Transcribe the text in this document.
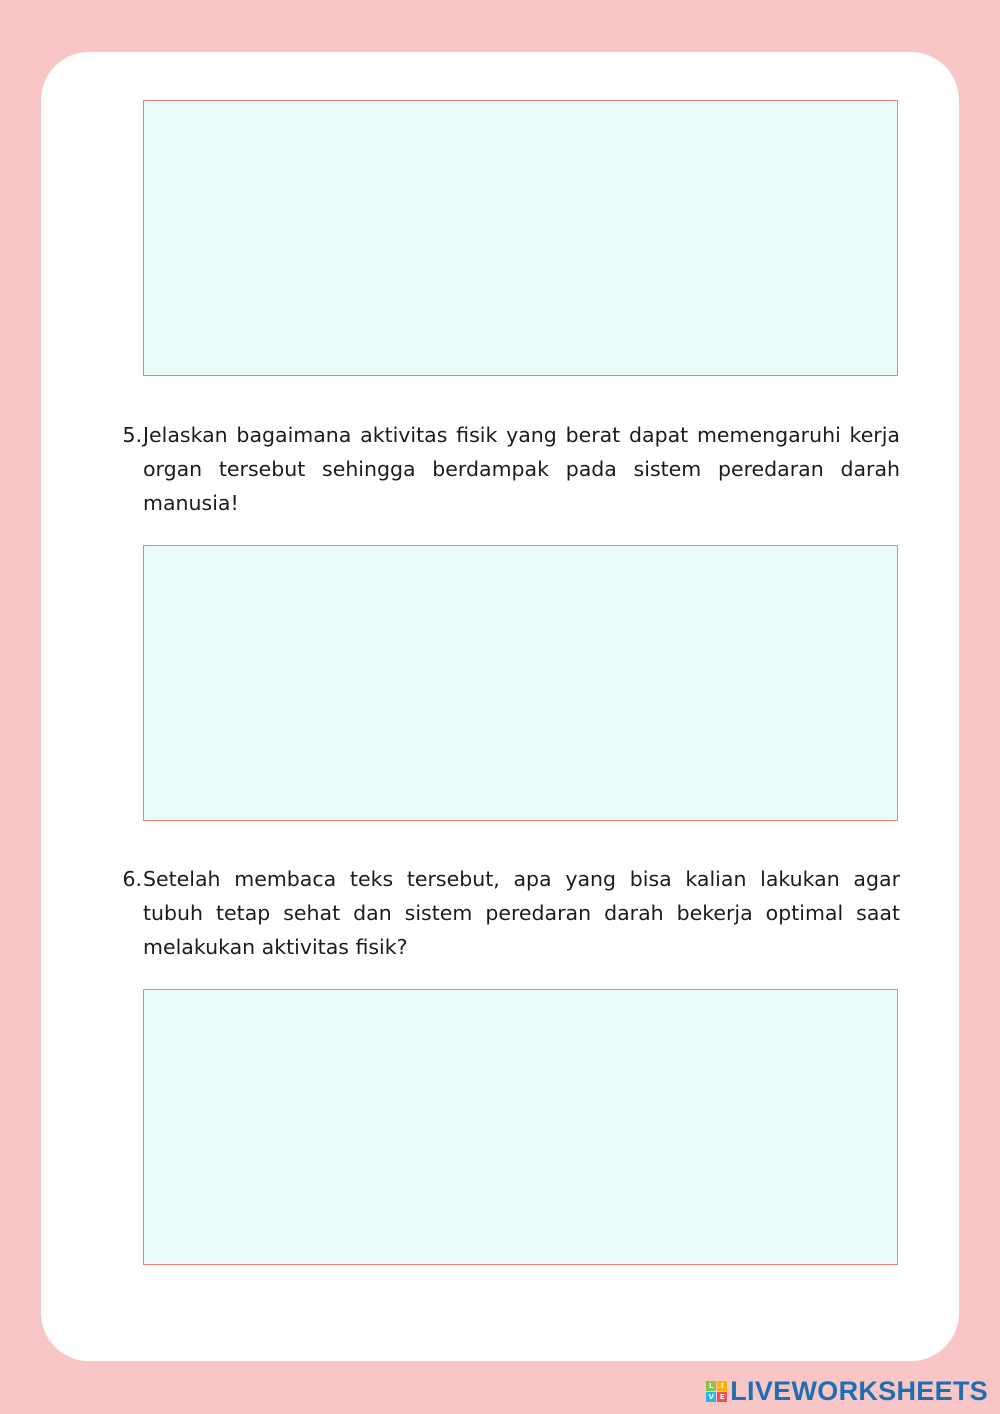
5. Jelaskan bagaimana aktivitas fisik yang berat dapat memengaruhi kerja organ tersebut sehingga berdampak pada sistem peredaran darah manusia!
6. Setelah membaca teks tersebut, apa yang bisa kalian lakukan agar tubuh tetap sehat dan sistem peredaran darah bekerja optimal saat melakukan aktivitas fisik?
L	I
V E LIVEWORKSHEETS
